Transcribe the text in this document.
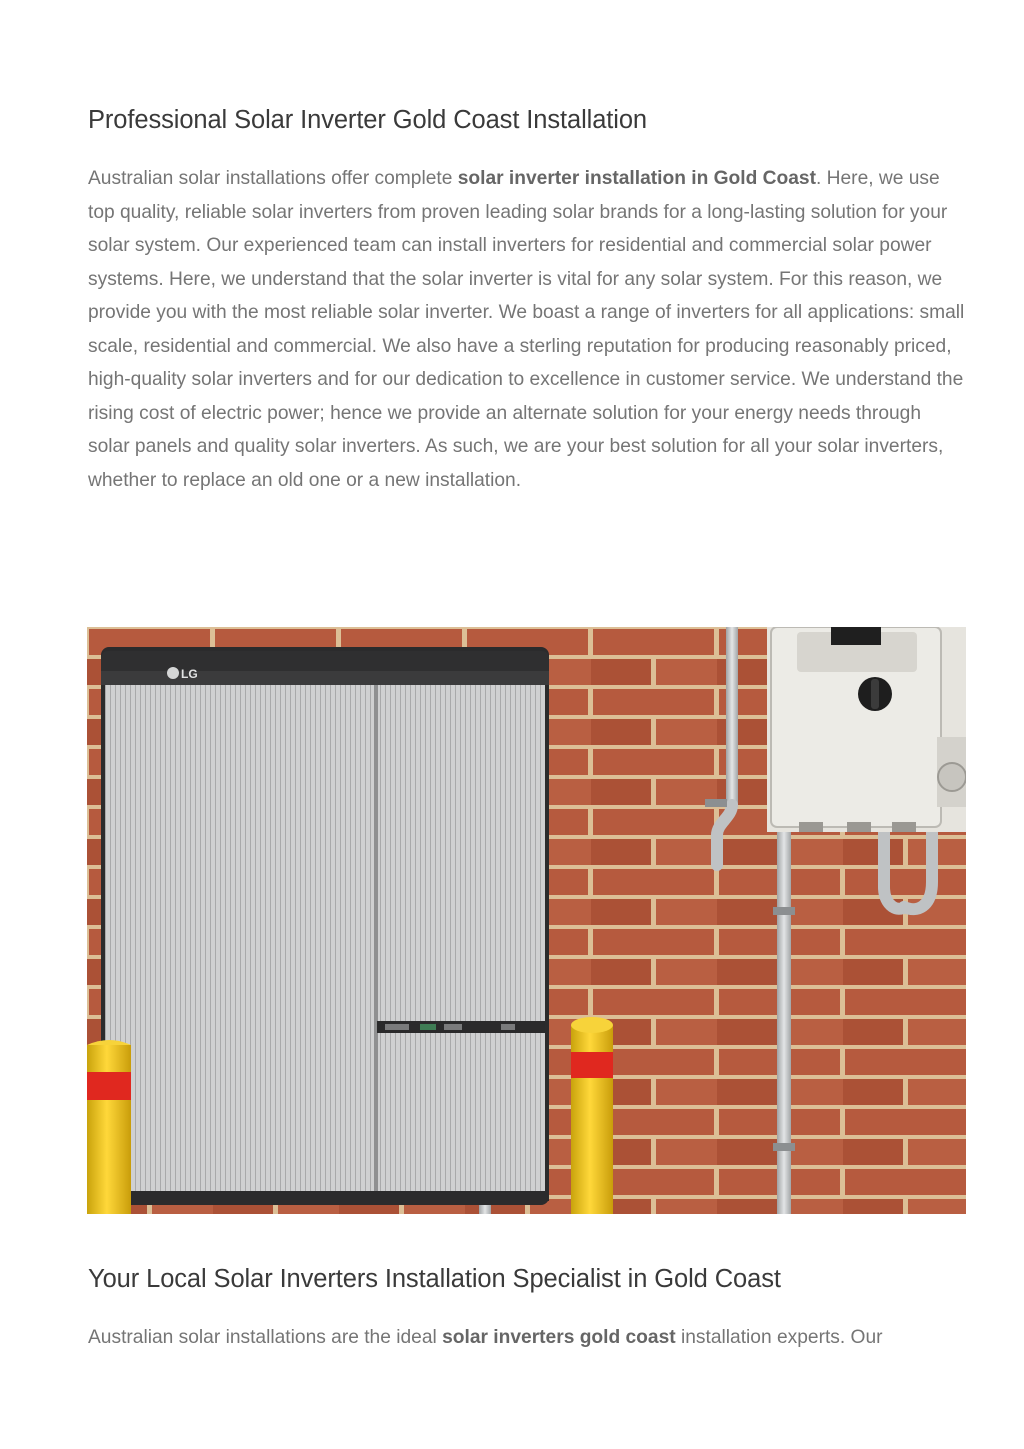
Professional Solar Inverter Gold Coast Installation

Australian solar installations offer complete solar inverter installation in Gold Coast. Here, we use top quality, reliable solar inverters from proven leading solar brands for a long-lasting solution for your solar system. Our experienced team can install inverters for residential and commercial solar power systems. Here, we understand that the solar inverter is vital for any solar system. For this reason, we provide you with the most reliable solar inverter. We boast a range of inverters for all applications: small scale, residential and commercial. We also have a sterling reputation for producing reasonably priced, high-quality solar inverters and for our dedication to excellence in customer service. We understand the rising cost of electric power; hence we provide an alternate solution for your energy needs through solar panels and quality solar inverters. As such, we are your best solution for all your solar inverters, whether to replace an old one or a new installation.

LG
Your Local Solar Inverters Installation Specialist in Gold Coast

Australian solar installations are the ideal solar inverters gold coast installation experts. Our
